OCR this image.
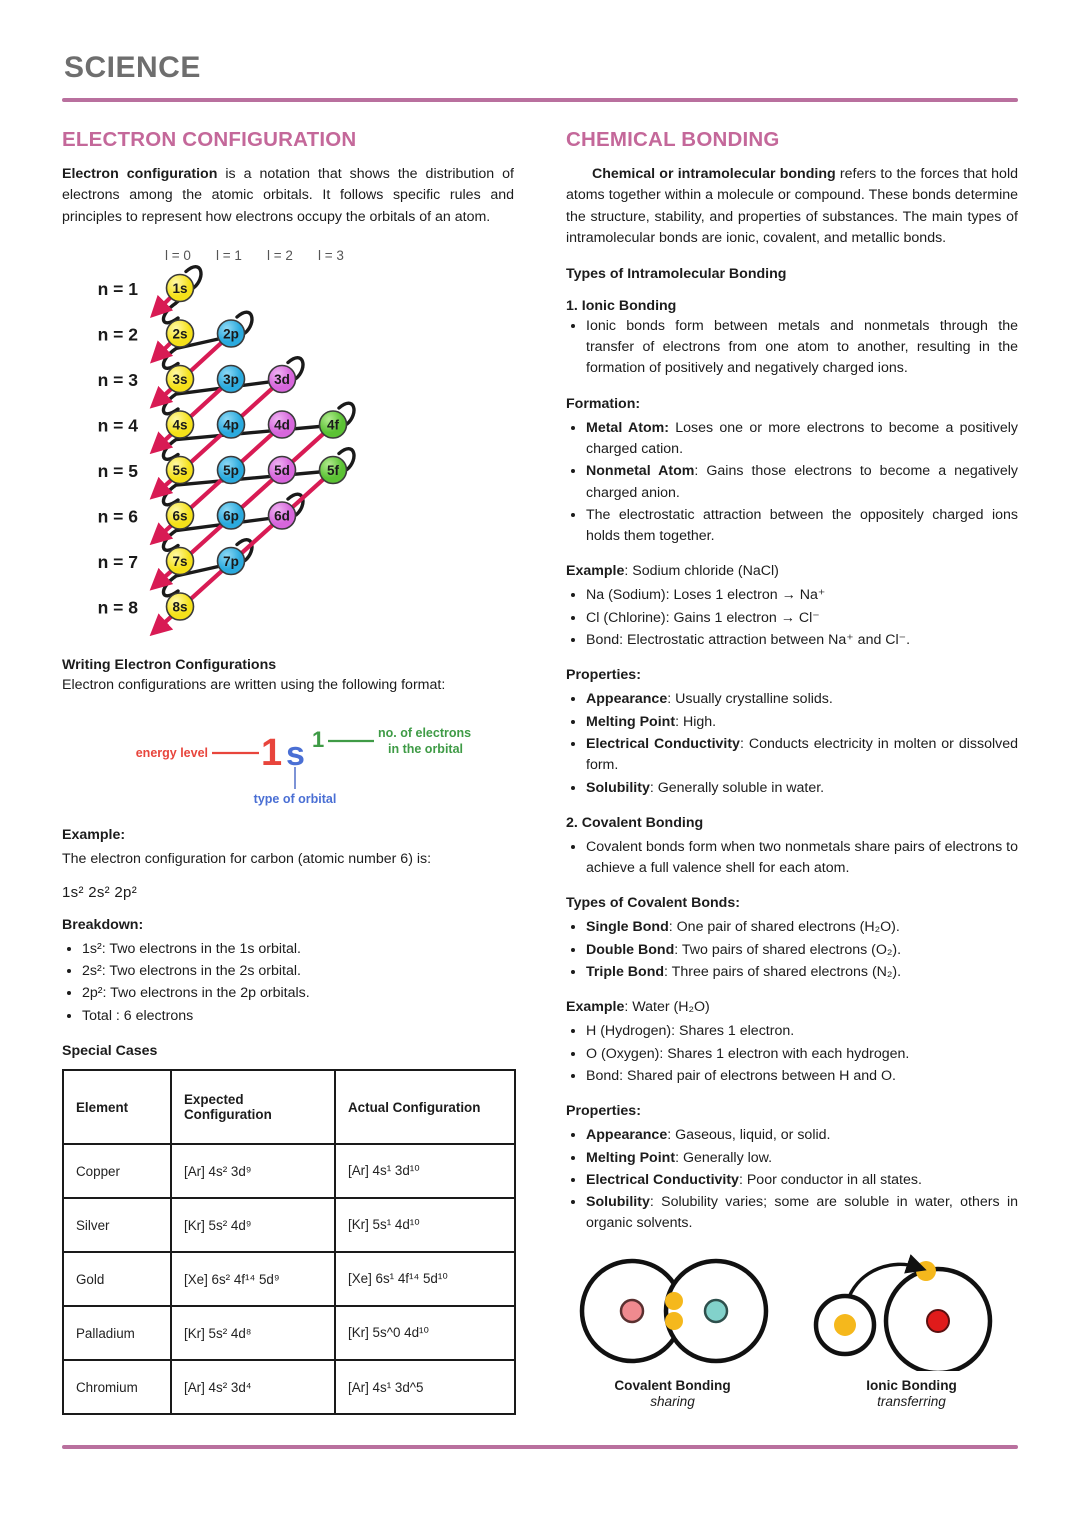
SCIENCE
ELECTRON CONFIGURATION

Electron configuration is a notation that shows the distribution of electrons among the atomic orbitals. It follows specific rules and principles to represent how electrons occupy the orbitals of an atom.

l = 0 l = 1 l = 2 l = 3
n = 1
n = 2
n = 3
n = 4
n = 5
n = 6
n = 7
n = 8
1s
2s	2p
3s	3p	3d
4s	4p	4d	4f
5s	5p	5d	5f
6s	6p	6d
7s	7p
8s
Writing Electron Configurations
Electron configurations are written using the following format:
energy level 1 s 1	no. of electrons
in the orbital
type of orbital
Example:
The electron configuration for carbon (atomic number 6) is:
1s² 2s² 2p²
Breakdown:
• 1s²: Two electrons in the 1s orbital.
• 2s²: Two electrons in the 2s orbital.
• 2p²: Two electrons in the 2p orbitals.
• Total : 6 electrons
Special Cases
Element	Expected Configuration	Actual Configuration
Copper	[Ar] 4s² 3d⁹	[Ar] 4s¹ 3d¹⁰
Silver	[Kr] 5s² 4d⁹	[Kr] 5s¹ 4d¹⁰
Gold	[Xe] 6s² 4f¹⁴ 5d⁹	[Xe] 6s¹ 4f¹⁴ 5d¹⁰
Palladium	[Kr] 5s² 4d⁸	[Kr] 5s^0 4d¹⁰
Chromium	[Ar] 4s² 3d⁴	[Ar] 4s¹ 3d^5
CHEMICAL BONDING

Chemical or intramolecular bonding refers to the forces that hold atoms together within a molecule or compound. These bonds determine the structure, stability, and properties of substances. The main types of intramolecular bonds are ionic, covalent, and metallic bonds.

Types of Intramolecular Bonding
1. Ionic Bonding
• Ionic bonds form between metals and nonmetals through the transfer of electrons from one atom to another, resulting in the formation of positively and negatively charged ions.
Formation:
• Metal Atom: Loses one or more electrons to become a positively charged cation.
• Nonmetal Atom: Gains those electrons to become a negatively charged anion.
• The electrostatic attraction between the oppositely charged ions holds them together.
Example: Sodium chloride (NaCl)
• Na (Sodium): Loses 1 electron → Na⁺
• Cl (Chlorine): Gains 1 electron → Cl⁻
• Bond: Electrostatic attraction between Na⁺ and Cl⁻.
Properties:
• Appearance: Usually crystalline solids.
• Melting Point: High.
• Electrical Conductivity: Conducts electricity in molten or dissolved form.
• Solubility: Generally soluble in water.
2. Covalent Bonding
• Covalent bonds form when two nonmetals share pairs of electrons to achieve a full valence shell for each atom.
Types of Covalent Bonds:
• Single Bond: One pair of shared electrons (H₂O).
• Double Bond: Two pairs of shared electrons (O₂).
• Triple Bond: Three pairs of shared electrons (N₂).
Example: Water (H₂O)
• H (Hydrogen): Shares 1 electron.
• O (Oxygen): Shares 1 electron with each hydrogen.
• Bond: Shared pair of electrons between H and O.
Properties:
• Appearance: Gaseous, liquid, or solid.
• Melting Point: Generally low.
• Electrical Conductivity: Poor conductor in all states.
• Solubility: Solubility varies; some are soluble in water, others in organic solvents.
Covalent Bonding
sharing
Ionic Bonding
transferring
